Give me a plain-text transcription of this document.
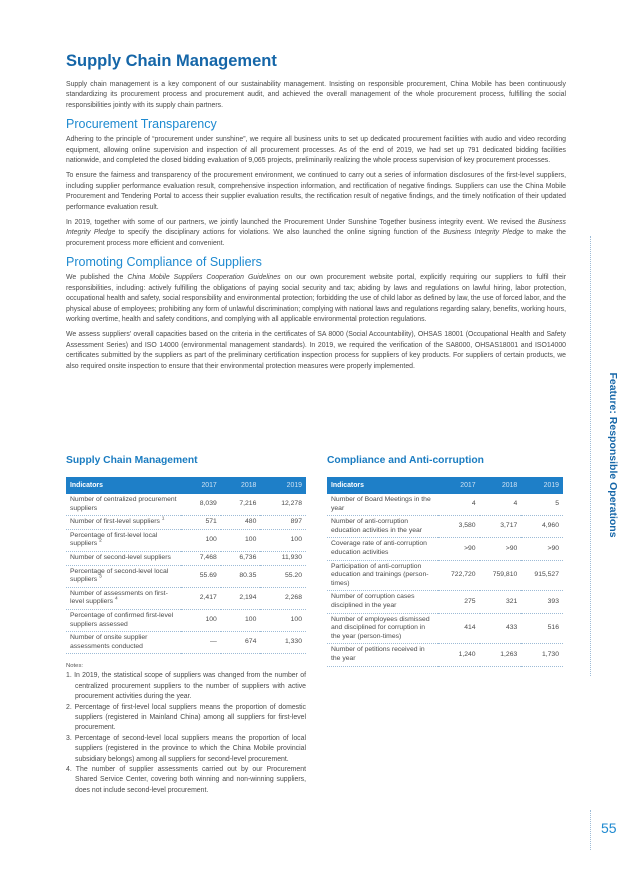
Supply Chain Management

Supply chain management is a key component of our sustainability management. Insisting on responsible procurement, China Mobile has been continuously standardizing its procurement process and procurement audit, and achieved the overall management of the whole procurement process, fulfilling the social responsibilities jointly with its supply chain partners.

Procurement Transparency

Adhering to the principle of “procurement under sunshine”, we require all business units to set up dedicated procurement facilities with audio and video recording equipment, allowing online supervision and inspection of all procurement processes. As of the end of 2019, we had set up 791 dedicated bidding facilities nationwide, and completed the closed bidding evaluation of 9,065 projects, preliminarily realizing the whole process supervision of key procurement processes.

To ensure the fairness and transparency of the procurement environment, we continued to carry out a series of information disclosures of the first-level suppliers, including supplier performance evaluation result, comprehensive inspection information, and rectification of negative findings. Suppliers can use the China Mobile Procurement and Tendering Portal to access their supplier evaluation results, the rectification result of negative findings, and the timely notification of their updated performance evaluation result.

In 2019, together with some of our partners, we jointly launched the Procurement Under Sunshine Together business integrity event. We revised the Business Integrity Pledge to specify the disciplinary actions for violations. We also launched the online signing function of the Business Integrity Pledge to make the procurement process more efficient and convenient.

Promoting Compliance of Suppliers

We published the China Mobile Suppliers Cooperation Guidelines on our own procurement website portal, explicitly requiring our suppliers to fulfil their responsibilities, including: actively fulfilling the obligations of paying social security and tax; abiding by laws and regulations on lawful hiring, labor protection, occupational health and safety, social responsibility and environmental protection; forbidding the use of child labor as defined by law, the use of forced labor, and the physical abuse of employees; prohibiting any form of unlawful discrimination; complying with national laws and regulations regarding salary, benefits, working hours, working overtime, health and safety conditions, and complying with all applicable environmental protection regulations.

We assess suppliers' overall capacities based on the criteria in the certificates of SA 8000 (Social Accountability), OHSAS 18001 (Occupational Health and Safety Assessment Series) and ISO 14000 (environmental management standards). In 2019, we required the verification of the SA8000, OHSAS18001 and ISO14000 certificates submitted by the suppliers as part of the preliminary certification inspection process for suppliers of key products. For suppliers of certain products, we also required onsite inspection to ensure that their environmental protection measures were properly implemented.

Supply Chain Management
Indicators	2017	2018	2019
Number of centralized procurement suppliers	8,039	7,216	12,278
Number of first-level suppliers $^1$	571	480	897
Percentage of first-level local suppliers $^2$	100	100	100
Number of second-level suppliers	7,468	6,736	11,930
Percentage of second-level local suppliers $^3$	55.69	80.35	55.20
Number of assessments on first-level suppliers $^4$	2,417	2,194	2,268
Percentage of confirmed first-level suppliers assessed	100	100	100
Number of onsite supplier assessments conducted	—	674	1,330
Notes:

1. In 2019, the statistical scope of suppliers was changed from the number of centralized procurement suppliers to the number of suppliers with active procurement activities during the year.

2. Percentage of first-level local suppliers means the proportion of domestic suppliers (registered in Mainland China) among all suppliers for first-level procurement.

3. Percentage of second-level local suppliers means the proportion of local suppliers (registered in the province to which the China Mobile provincial subsidiary belongs) among all suppliers for second-level procurement.

4. The number of supplier assessments carried out by our Procurement Shared Service Center, covering both winning and non-winning suppliers, does not include second-level procurement.

Compliance and Anti-corruption
Indicators	2017	2018	2019
Number of Board Meetings in the year	4	4	5
Number of anti-corruption education activities in the year	3,580	3,717	4,960
Coverage rate of anti-corruption education activities	>90	>90	>90
Participation of anti-corruption education and trainings (person-times)	722,720	759,810	915,527
Number of corruption cases disciplined in the year	275	321	393
Number of employees dismissed and disciplined for corruption in the year (person-times)	414	433	516
Number of petitions received in the year	1,240	1,263	1,730
Feature: Responsible Operations
55
